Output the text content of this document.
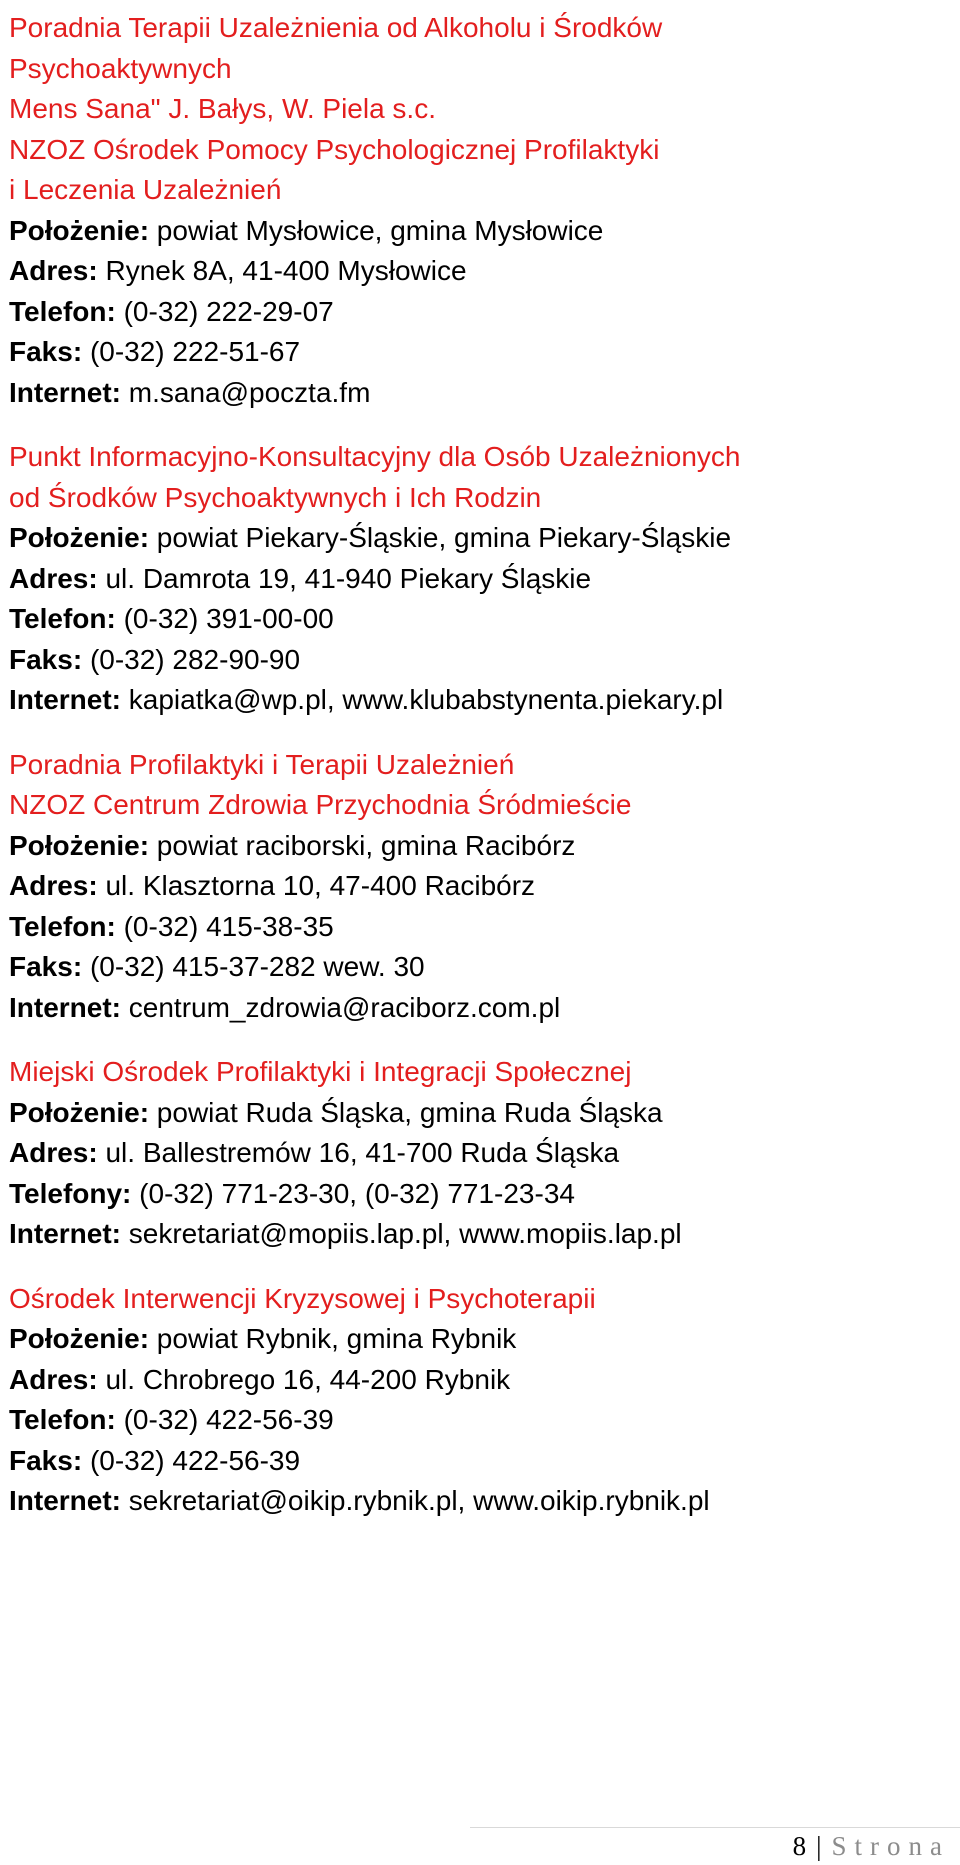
Poradnia Terapii Uzależnienia od Alkoholu i Środków
Psychoaktywnych
Mens Sana" J. Bałys, W. Piela s.c.
NZOZ Ośrodek Pomocy Psychologicznej Profilaktyki
i Leczenia Uzależnień
Położenie: powiat Mysłowice, gmina Mysłowice
Adres: Rynek 8A, 41-400 Mysłowice
Telefon: (0-32) 222-29-07
Faks: (0-32) 222-51-67
Internet: m.sana@poczta.fm
Punkt Informacyjno-Konsultacyjny dla Osób Uzależnionych
od Środków Psychoaktywnych i Ich Rodzin
Położenie: powiat Piekary-Śląskie, gmina Piekary-Śląskie
Adres: ul. Damrota 19, 41-940 Piekary Śląskie
Telefon: (0-32) 391-00-00
Faks: (0-32) 282-90-90
Internet: kapiatka@wp.pl, www.klubabstynenta.piekary.pl
Poradnia Profilaktyki i Terapii Uzależnień
NZOZ Centrum Zdrowia Przychodnia Śródmieście
Położenie: powiat raciborski, gmina Racibórz
Adres: ul. Klasztorna 10, 47-400 Racibórz
Telefon: (0-32) 415-38-35
Faks: (0-32) 415-37-282 wew. 30
Internet: centrum_zdrowia@raciborz.com.pl
Miejski Ośrodek Profilaktyki i Integracji Społecznej
Położenie: powiat Ruda Śląska, gmina Ruda Śląska
Adres: ul. Ballestremów 16, 41-700 Ruda Śląska
Telefony: (0-32) 771-23-30, (0-32) 771-23-34
Internet: sekretariat@mopiis.lap.pl, www.mopiis.lap.pl
Ośrodek Interwencji Kryzysowej i Psychoterapii
Położenie: powiat Rybnik, gmina Rybnik
Adres: ul. Chrobrego 16, 44-200 Rybnik
Telefon: (0-32) 422-56-39
Faks: (0-32) 422-56-39
Internet: sekretariat@oikip.rybnik.pl, www.oikip.rybnik.pl
8 | Strona
